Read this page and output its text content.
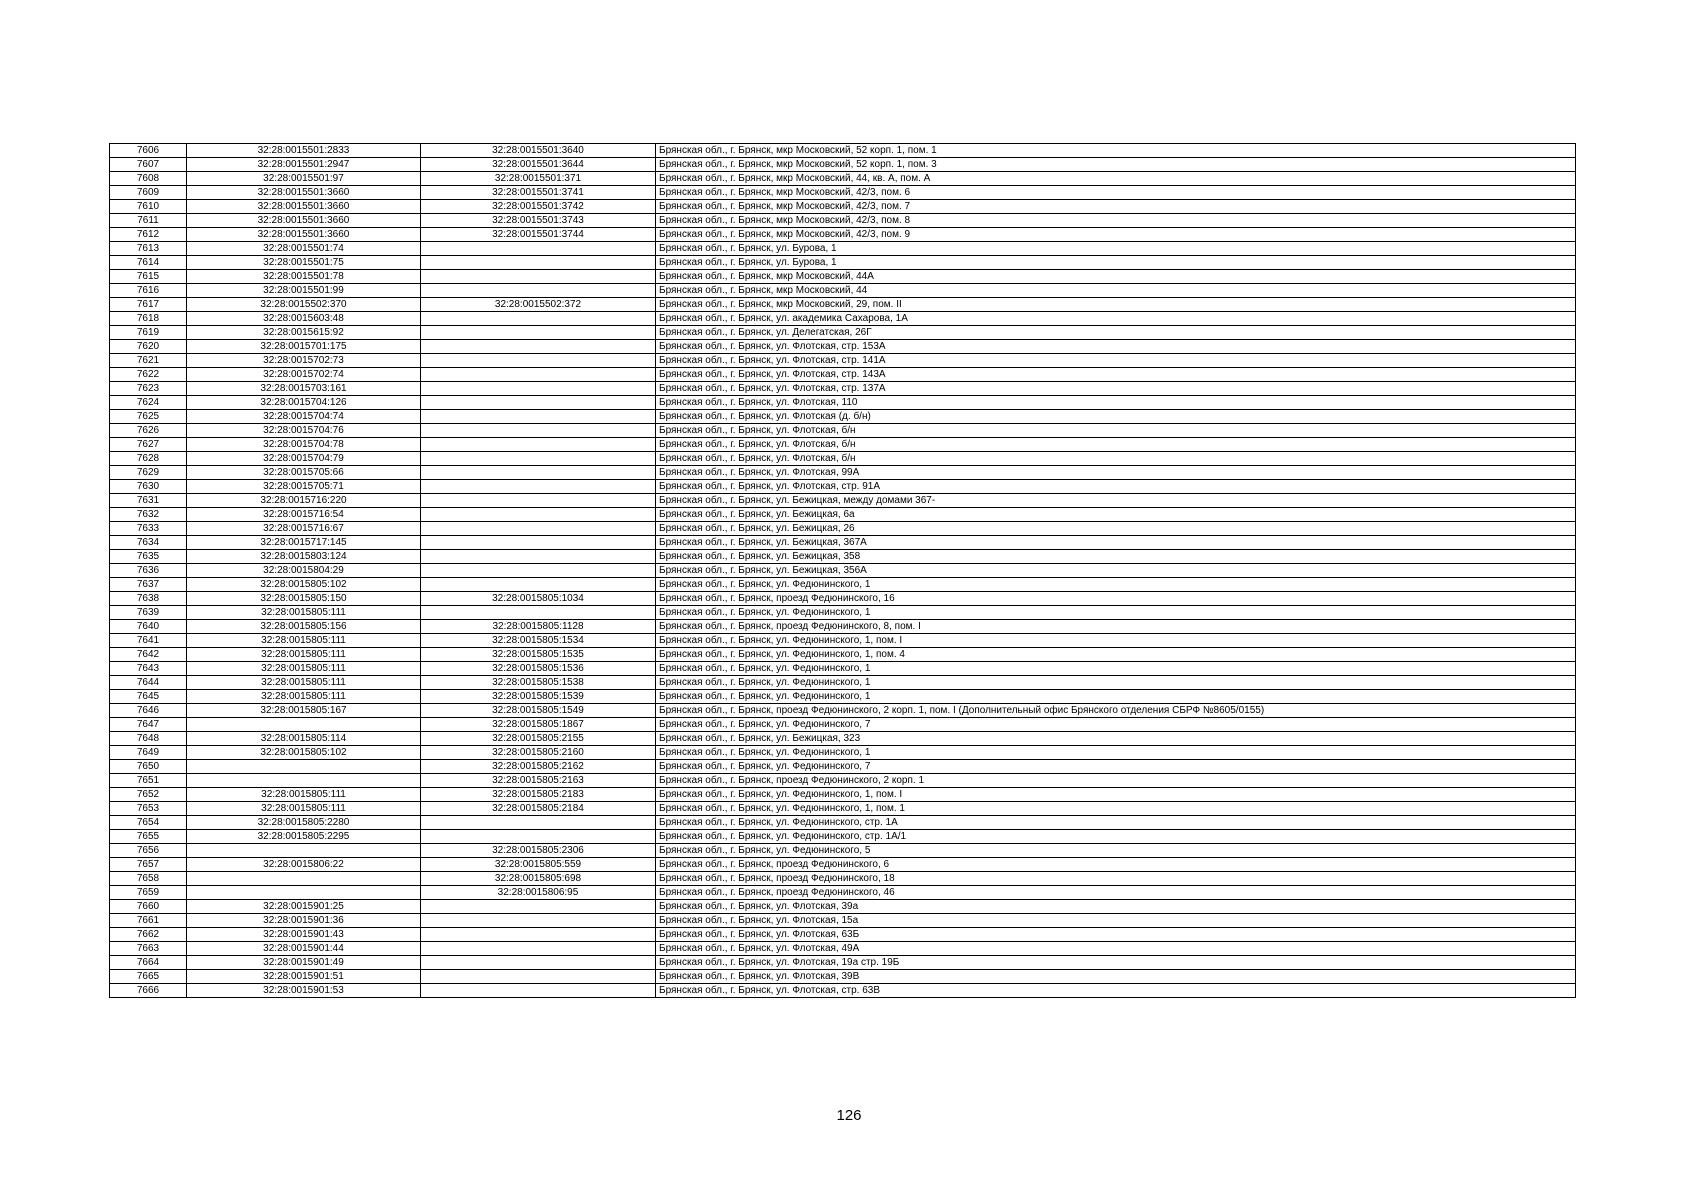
7606	32:28:0015501:2833	32:28:0015501:3640	Брянская обл., г. Брянск, мкр Московский, 52 корп. 1, пом. 1
7607	32:28:0015501:2947	32:28:0015501:3644	Брянская обл., г. Брянск, мкр Московский, 52 корп. 1, пом. 3
7608	32:28:0015501:97	32:28:0015501:371	Брянская обл., г. Брянск, мкр Московский, 44, кв. А, пом. А
7609	32:28:0015501:3660	32:28:0015501:3741	Брянская обл., г. Брянск, мкр Московский, 42/3, пом. 6
7610	32:28:0015501:3660	32:28:0015501:3742	Брянская обл., г. Брянск, мкр Московский, 42/3, пом. 7
7611	32:28:0015501:3660	32:28:0015501:3743	Брянская обл., г. Брянск, мкр Московский, 42/3, пом. 8
7612	32:28:0015501:3660	32:28:0015501:3744	Брянская обл., г. Брянск, мкр Московский, 42/3, пом. 9
7613	32:28:0015501:74		Брянская обл., г. Брянск, ул. Бурова, 1
7614	32:28:0015501:75		Брянская обл., г. Брянск, ул. Бурова, 1
7615	32:28:0015501:78		Брянская обл., г. Брянск, мкр Московский, 44А
7616	32:28:0015501:99		Брянская обл., г. Брянск, мкр Московский, 44
7617	32:28:0015502:370	32:28:0015502:372	Брянская обл., г. Брянск, мкр Московский, 29, пом. II
7618	32:28:0015603:48		Брянская обл., г. Брянск, ул. академика Сахарова, 1А
7619	32:28:0015615:92		Брянская обл., г. Брянск, ул. Делегатская, 26Г
7620	32:28:0015701:175		Брянская обл., г. Брянск, ул. Флотская, стр. 153А
7621	32:28:0015702:73		Брянская обл., г. Брянск, ул. Флотская, стр. 141А
7622	32:28:0015702:74		Брянская обл., г. Брянск, ул. Флотская, стр. 143А
7623	32:28:0015703:161		Брянская обл., г. Брянск, ул. Флотская, стр. 137А
7624	32:28:0015704:126		Брянская обл., г. Брянск, ул. Флотская, 110
7625	32:28:0015704:74		Брянская обл., г. Брянск, ул. Флотская (д. б/н)
7626	32:28:0015704:76		Брянская обл., г. Брянск, ул. Флотская, б/н
7627	32:28:0015704:78		Брянская обл., г. Брянск, ул. Флотская, б/н
7628	32:28:0015704:79		Брянская обл., г. Брянск, ул. Флотская, б/н
7629	32:28:0015705:66		Брянская обл., г. Брянск, ул. Флотская, 99А
7630	32:28:0015705:71		Брянская обл., г. Брянск, ул. Флотская, стр. 91А
7631	32:28:0015716:220		Брянская обл., г. Брянск, ул. Бежицкая, между домами 367-
7632	32:28:0015716:54		Брянская обл., г. Брянск, ул. Бежицкая, 6а
7633	32:28:0015716:67		Брянская обл., г. Брянск, ул. Бежицкая, 26
7634	32:28:0015717:145		Брянская обл., г. Брянск, ул. Бежицкая, 367А
7635	32:28:0015803:124		Брянская обл., г. Брянск, ул. Бежицкая, 358
7636	32:28:0015804:29		Брянская обл., г. Брянск, ул. Бежицкая, 356А
7637	32:28:0015805:102		Брянская обл., г. Брянск, ул. Федюнинского, 1
7638	32:28:0015805:150	32:28:0015805:1034	Брянская обл., г. Брянск, проезд Федюнинского, 16
7639	32:28:0015805:111		Брянская обл., г. Брянск, ул. Федюнинского, 1
7640	32:28:0015805:156	32:28:0015805:1128	Брянская обл., г. Брянск, проезд Федюнинского, 8, пом. I
7641	32:28:0015805:111	32:28:0015805:1534	Брянская обл., г. Брянск, ул. Федюнинского, 1, пом. I
7642	32:28:0015805:111	32:28:0015805:1535	Брянская обл., г. Брянск, ул. Федюнинского, 1, пом. 4
7643	32:28:0015805:111	32:28:0015805:1536	Брянская обл., г. Брянск, ул. Федюнинского, 1
7644	32:28:0015805:111	32:28:0015805:1538	Брянская обл., г. Брянск, ул. Федюнинского, 1
7645	32:28:0015805:111	32:28:0015805:1539	Брянская обл., г. Брянск, ул. Федюнинского, 1
7646	32:28:0015805:167	32:28:0015805:1549	Брянская обл., г. Брянск, проезд Федюнинского, 2 корп. 1, пом. I (Дополнительный офис Брянского отделения СБРФ №8605/0155)
7647		32:28:0015805:1867	Брянская обл., г. Брянск, ул. Федюнинского, 7
7648	32:28:0015805:114	32:28:0015805:2155	Брянская обл., г. Брянск, ул. Бежицкая, 323
7649	32:28:0015805:102	32:28:0015805:2160	Брянская обл., г. Брянск, ул. Федюнинского, 1
7650		32:28:0015805:2162	Брянская обл., г. Брянск, ул. Федюнинского, 7
7651		32:28:0015805:2163	Брянская обл., г. Брянск, проезд Федюнинского, 2 корп. 1
7652	32:28:0015805:111	32:28:0015805:2183	Брянская обл., г. Брянск, ул. Федюнинского, 1, пом. I
7653	32:28:0015805:111	32:28:0015805:2184	Брянская обл., г. Брянск, ул. Федюнинского, 1, пом. 1
7654	32:28:0015805:2280		Брянская обл., г. Брянск, ул. Федюнинского, стр. 1А
7655	32:28:0015805:2295		Брянская обл., г. Брянск, ул. Федюнинского, стр. 1А/1
7656		32:28:0015805:2306	Брянская обл., г. Брянск, ул. Федюнинского, 5
7657	32:28:0015806:22	32:28:0015805:559	Брянская обл., г. Брянск, проезд Федюнинского, 6
7658		32:28:0015805:698	Брянская обл., г. Брянск, проезд Федюнинского, 18
7659		32:28:0015806:95	Брянская обл., г. Брянск, проезд Федюнинского, 46
7660	32:28:0015901:25		Брянская обл., г. Брянск, ул. Флотская, 39а
7661	32:28:0015901:36		Брянская обл., г. Брянск, ул. Флотская, 15а
7662	32:28:0015901:43		Брянская обл., г. Брянск, ул. Флотская, 63Б
7663	32:28:0015901:44		Брянская обл., г. Брянск, ул. Флотская, 49А
7664	32:28:0015901:49		Брянская обл., г. Брянск, ул. Флотская, 19а стр. 19Б
7665	32:28:0015901:51		Брянская обл., г. Брянск, ул. Флотская, 39В
7666	32:28:0015901:53		Брянская обл., г. Брянск, ул. Флотская, стр. 63В
126
